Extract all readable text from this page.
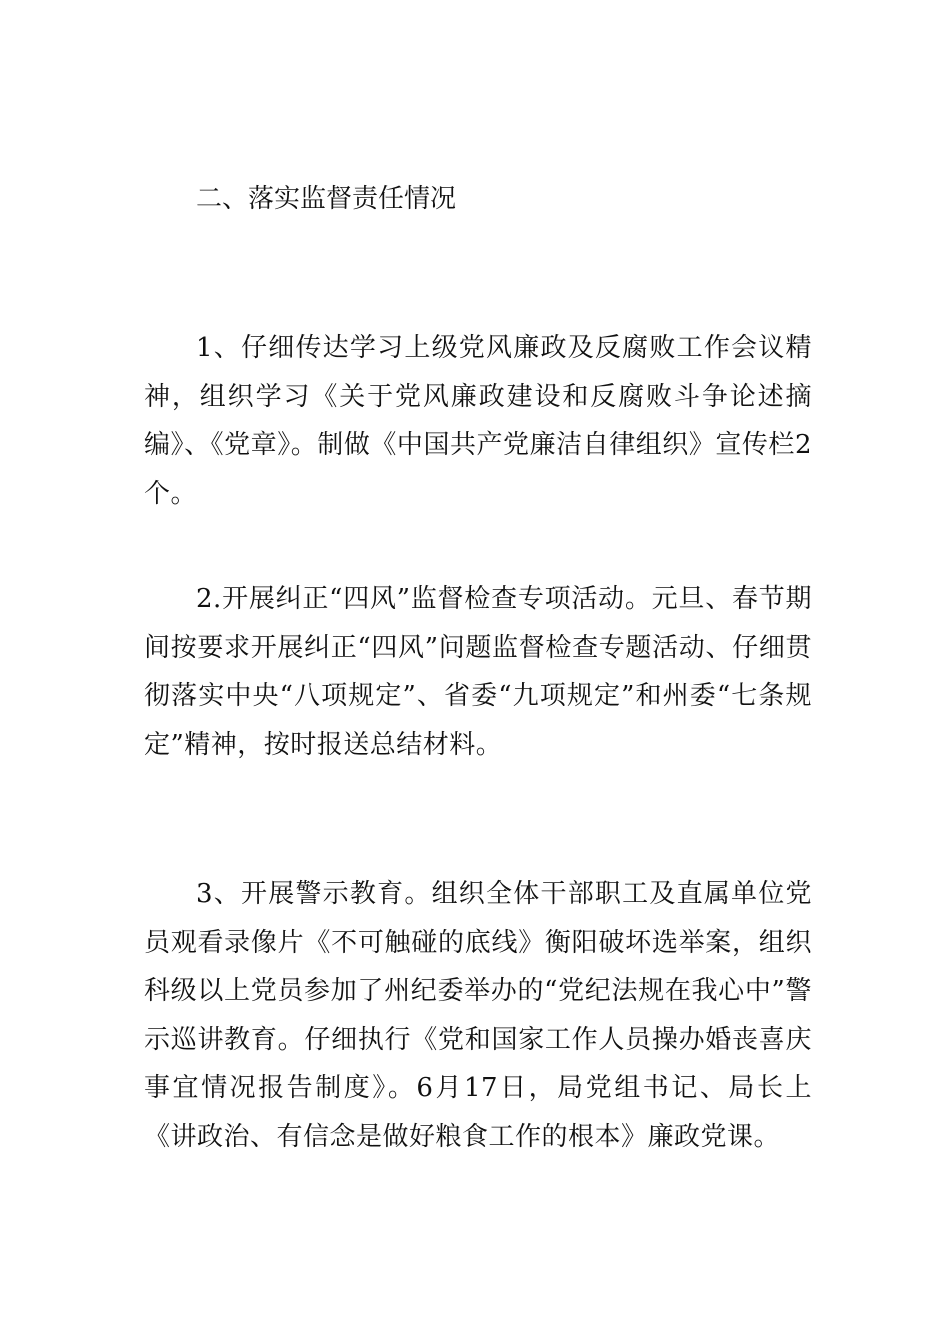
二、落实监督责任情况

1、仔细传达学习上级党风廉政及反腐败工作会议精神，组织学习《关于党风廉政建设和反腐败斗争论述摘编》、《党章》。制做《中国共产党廉洁自律组织》宣传栏2个。

2.开展纠正“四风”监督检查专项活动。元旦、春节期间按要求开展纠正“四风”问题监督检查专题活动、仔细贯彻落实中央“八项规定”、省委“九项规定”和州委“七条规定”精神，按时报送总结材料。

3、开展警示教育。组织全体干部职工及直属单位党员观看录像片《不可触碰的底线》衡阳破坏选举案，组织科级以上党员参加了州纪委举办的“党纪法规在我心中”警示巡讲教育。仔细执行《党和国家工作人员操办婚丧喜庆事宜情况报告制度》。6月17日，局党组书记、局长上《讲政治、有信念是做好粮食工作的根本》廉政党课。
